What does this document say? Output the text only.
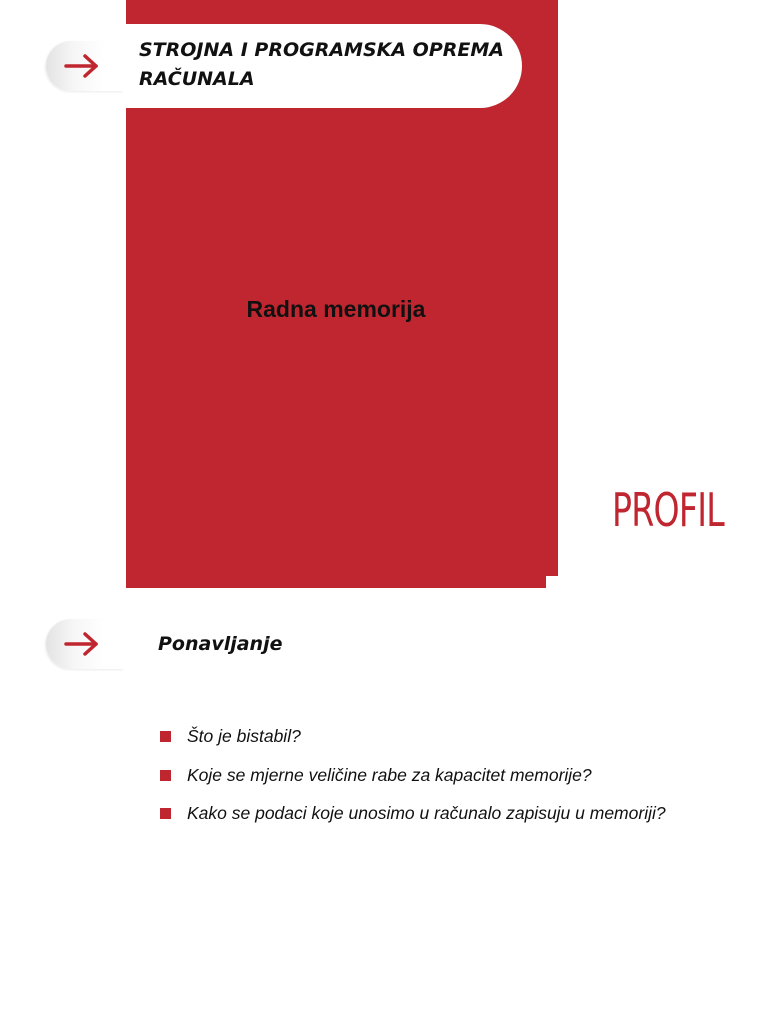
STROJNA I PROGRAMSKA OPREMA
RAČUNALA
Radna memorija
PROFIL
Ponavljanje
Što je bistabil?
Koje se mjerne veličine rabe za kapacitet memorije?
Kako se podaci koje unosimo u računalo zapisuju u memoriji?
